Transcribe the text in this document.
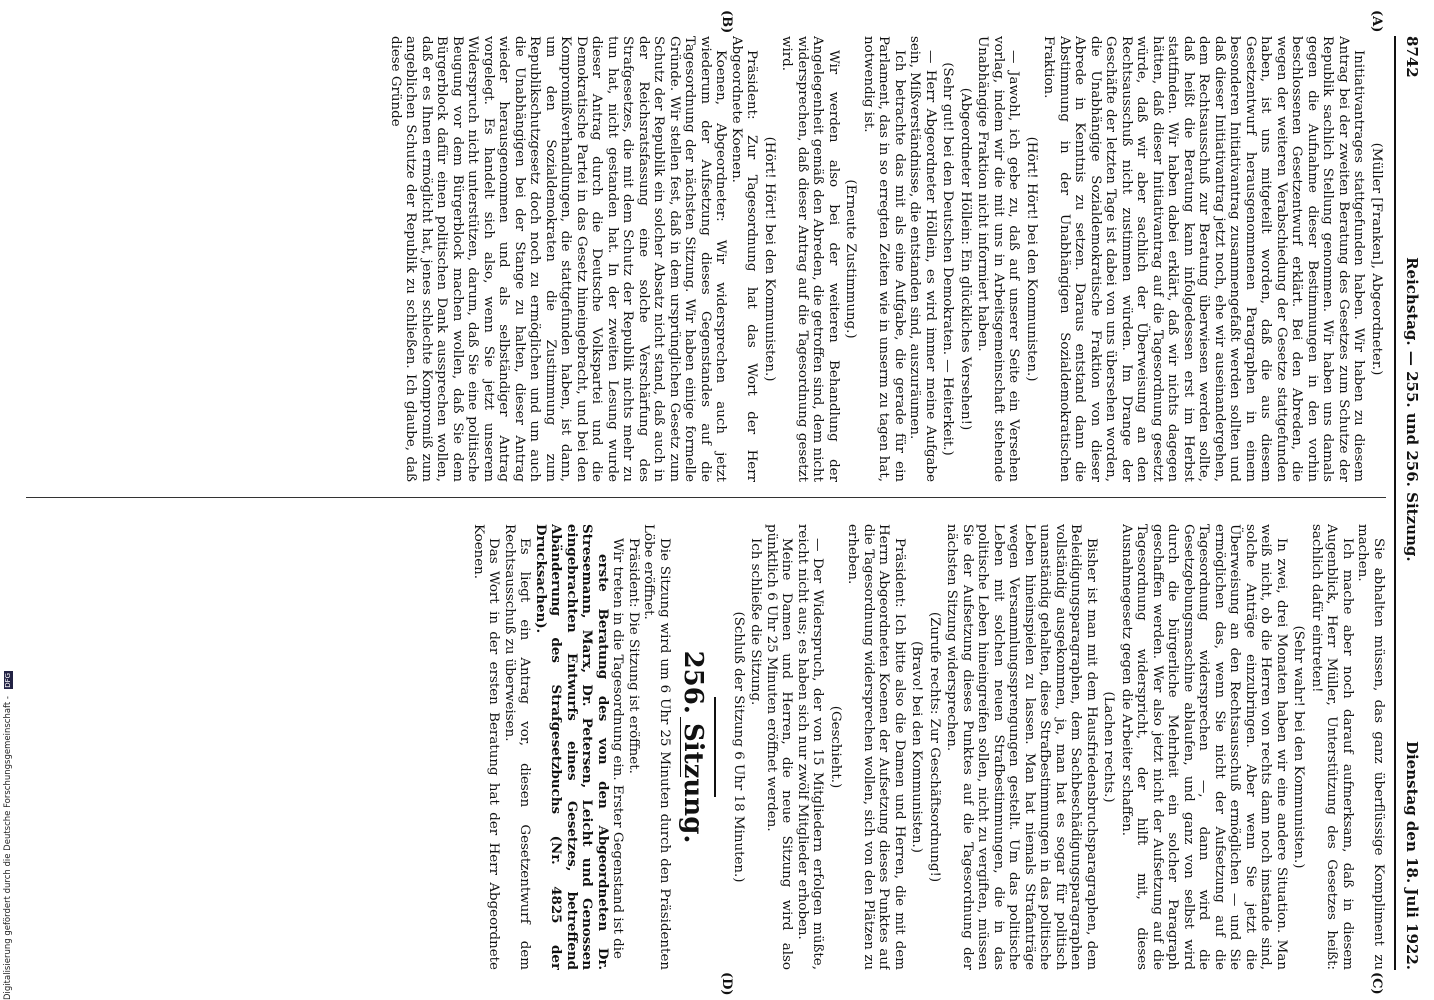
8742
Reichstag. — 255. und 256. Sitzung.
Dienstag den 18. Juli 1922.
(A)
(B)
(C)
(D)

(Müller [Franken], Abgeordneter.)

Initiativantrages stattgefunden haben. Wir haben zu diesem Antrag bei der zweiten Beratung des Gesetzes zum Schutze der Republik sachlich Stellung genommen. Wir haben uns damals gegen die Aufnahme dieser Bestimmungen in den vorhin beschlossenen Gesetzentwurf erklärt. Bei den Abreden, die wegen der weiteren Verabschiedung der Gesetze stattgefunden haben, ist uns mitgeteilt worden, daß die aus diesem Gesetzentwurf herausgenommenen Paragraphen in einem besonderen Initiativantrag zusammengefaßt werden sollten und daß dieser Initiativantrag jetzt noch, ehe wir auseinandergehen, dem Rechtsausschuß zur Beratung überwiesen werden sollte, daß heißt die Beratung kann infolgedessen erst im Herbst stattfinden. Wir haben dabei erklärt, daß wir nichts dagegen hätten, daß dieser Initiativantrag auf die Tagesordnung gesetzt würde, daß wir aber sachlich der Überweisung an den Rechtsausschuß nicht zustimmen würden. Im Drange der Geschäfte der letzten Tage ist dabei von uns übersehen worden, die Unabhängige Sozialdemokratische Fraktion von dieser Abrede in Kenntnis zu setzen. Daraus entstand dann die Abstimmung in der Unabhängigen Sozialdemokratischen Fraktion.

(Hört! Hört! bei den Kommunisten.)

— Jawohl, ich gebe zu, daß auf unserer Seite ein Versehen vorlag, indem wir die mit uns in Arbeitsgemeinschaft stehende Unabhängige Fraktion nicht informiert haben.

(Abgeordneter Höllein: Ein glückliches Versehen!)

(Sehr gut! bei den Deutschen Demokraten. — Heiterkeit.)

— Herr Abgeordneter Höllein, es wird immer meine Aufgabe sein, Mißverständnisse, die entstanden sind, auszuräumen.

Ich betrachte das mit als eine Aufgabe, die gerade für ein Parlament, das in so erregten Zeiten wie in unserm zu tagen hat, notwendig ist.

(Erneute Zustimmung.)

Wir werden also bei der weiteren Behandlung der Angelegenheit gemäß den Abreden, die getroffen sind, dem nicht widersprechen, daß dieser Antrag auf die Tagesordnung gesetzt wird.

(Hört! Hört! bei den Kommunisten.)

Präsident: Zur Tagesordnung hat das Wort der Herr Abgeordnete Koenen.

Koenen, Abgeordneter: Wir widersprechen auch jetzt wiederum der Aufsetzung dieses Gegenstandes auf die Tagesordnung der nächsten Sitzung. Wir haben einige formelle Gründe. Wir stellen fest, daß in dem ursprünglichen Gesetz zum Schutz der Republik ein solcher Absatz nicht stand, daß auch in der Reichsratsfassung eine solche Verschärfung des Strafgesetzes, die mit dem Schutz der Republik nichts mehr zu tun hat, nicht gestanden hat. In der zweiten Lesung wurde dieser Antrag durch die Deutsche Volkspartei und die Demokratische Partei in das Gesetz hineingebracht, und bei den Kompromißverhandlungen, die stattgefunden haben, ist dann, um den Sozialdemokraten die Zustimmung zum Republikschutzgesetz doch noch zu ermöglichen und um auch die Unabhängigen bei der Stange zu halten, dieser Antrag wieder herausgenommen und als selbständiger Antrag vorgelegt. Es handelt sich also, wenn Sie jetzt unserem Widerspruch nicht unterstützen, darum, daß Sie eine politische Beugung vor dem Bürgerblock machen wollen, daß Sie dem Bürgerblock dafür einen politischen Dank aussprechen wollen, daß er es Ihnen ermöglicht hat, jenes schlechte Kompromiß zum angeblichen Schutze der Republik zu schließen. Ich glaube, daß diese Gründe

Sie abhalten müssen, das ganz überflüssige Kompliment zu machen.

Ich mache aber noch darauf aufmerksam, daß in diesem Augenblick, Herr Müller, Unterstützung des Gesetzes heißt: sachlich dafür eintreten!

(Sehr wahr! bei den Kommunisten.)

In zwei, drei Monaten haben wir eine andere Situation. Man weiß nicht, ob die Herren von rechts dann noch imstande sind, solche Anträge einzubringen. Aber wenn Sie jetzt die Überweisung an den Rechtsausschuß ermöglichen — und Sie ermöglichen das, wenn Sie nicht der Aufsetzung auf die Tagesordnung widersprechen —, dann wird die Gesetzgebungsmaschine ablaufen, und ganz von selbst wird durch die bürgerliche Mehrheit ein solcher Paragraph geschaffen werden. Wer also jetzt nicht der Aufsetzung auf die Tagesordnung widerspricht, der hilft mit, dieses Ausnahmegesetz gegen die Arbeiter schaffen.

(Lachen rechts.)

Bisher ist man mit dem Hausfriedensbruchsparagraphen, dem Beleidigungsparagraphen, dem Sachbeschädigungsparagraphen vollständig ausgekommen, ja, man hat es sogar für politisch unanständig gehalten, diese Strafbestimmungen in das politische Leben hineinspielen zu lassen. Man hat niemals Strafanträge wegen Versammlungssprengungen gestellt. Um das politische Leben mit solchen neuen Strafbestimmungen, die in das politische Leben hineingreifen sollen, nicht zu vergiften, müssen Sie der Aufsetzung dieses Punktes auf die Tagesordnung der nächsten Sitzung widersprechen.

(Zurufe rechts: Zur Geschäftsordnung!)

(Bravo! bei den Kommunisten.)

Präsident: Ich bitte also die Damen und Herren, die mit dem Herrn Abgeordneten Koenen der Aufsetzung dieses Punktes auf die Tagesordnung widersprechen wollen, sich von den Plätzen zu erheben.

(Geschieht.)

— Der Widerspruch, der von 15 Mitgliedern erfolgen müßte, reicht nicht aus; es haben sich nur zwölf Mitglieder erhoben.

Meine Damen und Herren, die neue Sitzung wird also pünktlich 6 Uhr 25 Minuten eröffnet werden.

Ich schließe die Sitzung.

(Schluß der Sitzung 6 Uhr 18 Minuten.)

256. Sitzung.

Die Sitzung wird um 6 Uhr 25 Minuten durch den Präsidenten Löbe eröffnet.

Präsident: Die Sitzung ist eröffnet.

Wir treten in die Tagesordnung ein. Erster Gegenstand ist die

erste Beratung des von den Abgeordneten Dr. Stresemann, Marx, Dr. Petersen, Leicht und Genossen eingebrachten Entwurfs eines Gesetzes, betreffend Abänderung des Strafgesetzbuchs (Nr. 4825 der Drucksachen).

Es liegt ein Antrag vor, diesen Gesetzentwurf dem Rechtsausschuß zu überweisen.

Das Wort in der ersten Beratung hat der Herr Abgeordnete Koenen.

Digitalisierung gefördert durch die Deutsche Forschungsgemeinschaft - DFG
